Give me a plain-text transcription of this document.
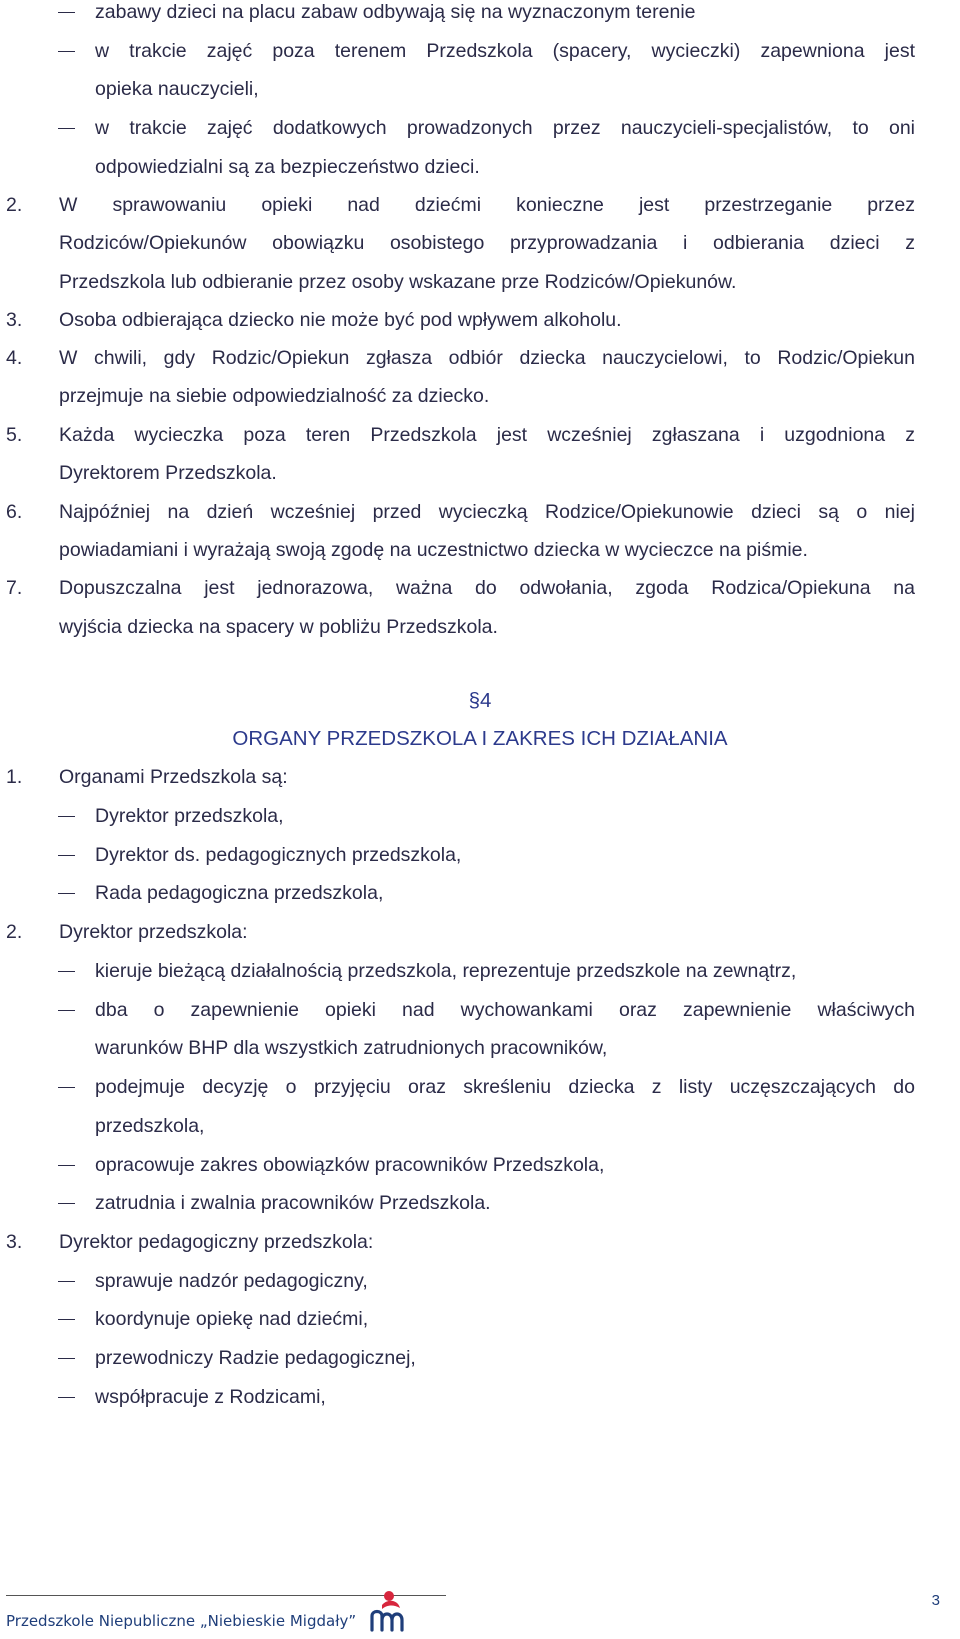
zabawy dzieci na placu zabaw odbywają się na wyznaczonym terenie
w trakcie zajęć poza terenem Przedszkola (spacery, wycieczki) zapewniona jest
opieka nauczycieli,
w trakcie zajęć dodatkowych prowadzonych przez nauczycieli-specjalistów, to oni
odpowiedzialni są za bezpieczeństwo dzieci.
2. W sprawowaniu opieki nad dziećmi konieczne jest przestrzeganie przez
Rodziców/Opiekunów obowiązku osobistego przyprowadzania i odbierania dzieci z
Przedszkola lub odbieranie przez osoby wskazane prze Rodziców/Opiekunów.
3. Osoba odbierająca dziecko nie może być pod wpływem alkoholu.
4. W chwili, gdy Rodzic/Opiekun zgłasza odbiór dziecka nauczycielowi, to Rodzic/Opiekun
przejmuje na siebie odpowiedzialność za dziecko.
5. Każda wycieczka poza teren Przedszkola jest wcześniej zgłaszana i uzgodniona z
Dyrektorem Przedszkola.
6. Najpóźniej na dzień wcześniej przed wycieczką Rodzice/Opiekunowie dzieci są o niej
powiadamiani i wyrażają swoją zgodę na uczestnictwo dziecka w wycieczce na piśmie.
7. Dopuszczalna jest jednorazowa, ważna do odwołania, zgoda Rodzica/Opiekuna na
wyjścia dziecka na spacery w pobliżu Przedszkola.
§4
ORGANY PRZEDSZKOLA I ZAKRES ICH DZIAŁANIA
1. Organami Przedszkola są:
Dyrektor przedszkola,
Dyrektor ds. pedagogicznych przedszkola,
Rada pedagogiczna przedszkola,
2. Dyrektor przedszkola:
kieruje bieżącą działalnością przedszkola, reprezentuje przedszkole na zewnątrz,
dba o zapewnienie opieki nad wychowankami oraz zapewnienie właściwych
warunków BHP dla wszystkich zatrudnionych pracowników,
podejmuje decyzję o przyjęciu oraz skreśleniu dziecka z listy uczęszczających do
przedszkola,
opracowuje zakres obowiązków pracowników Przedszkola,
zatrudnia i zwalnia pracowników Przedszkola.
3. Dyrektor pedagogiczny przedszkola:
sprawuje nadzór pedagogiczny,
koordynuje opiekę nad dziećmi,
przewodniczy Radzie pedagogicznej,
współpracuje z Rodzicami,
Przedszkole Niepubliczne „Niebieskie Migdały”
3
